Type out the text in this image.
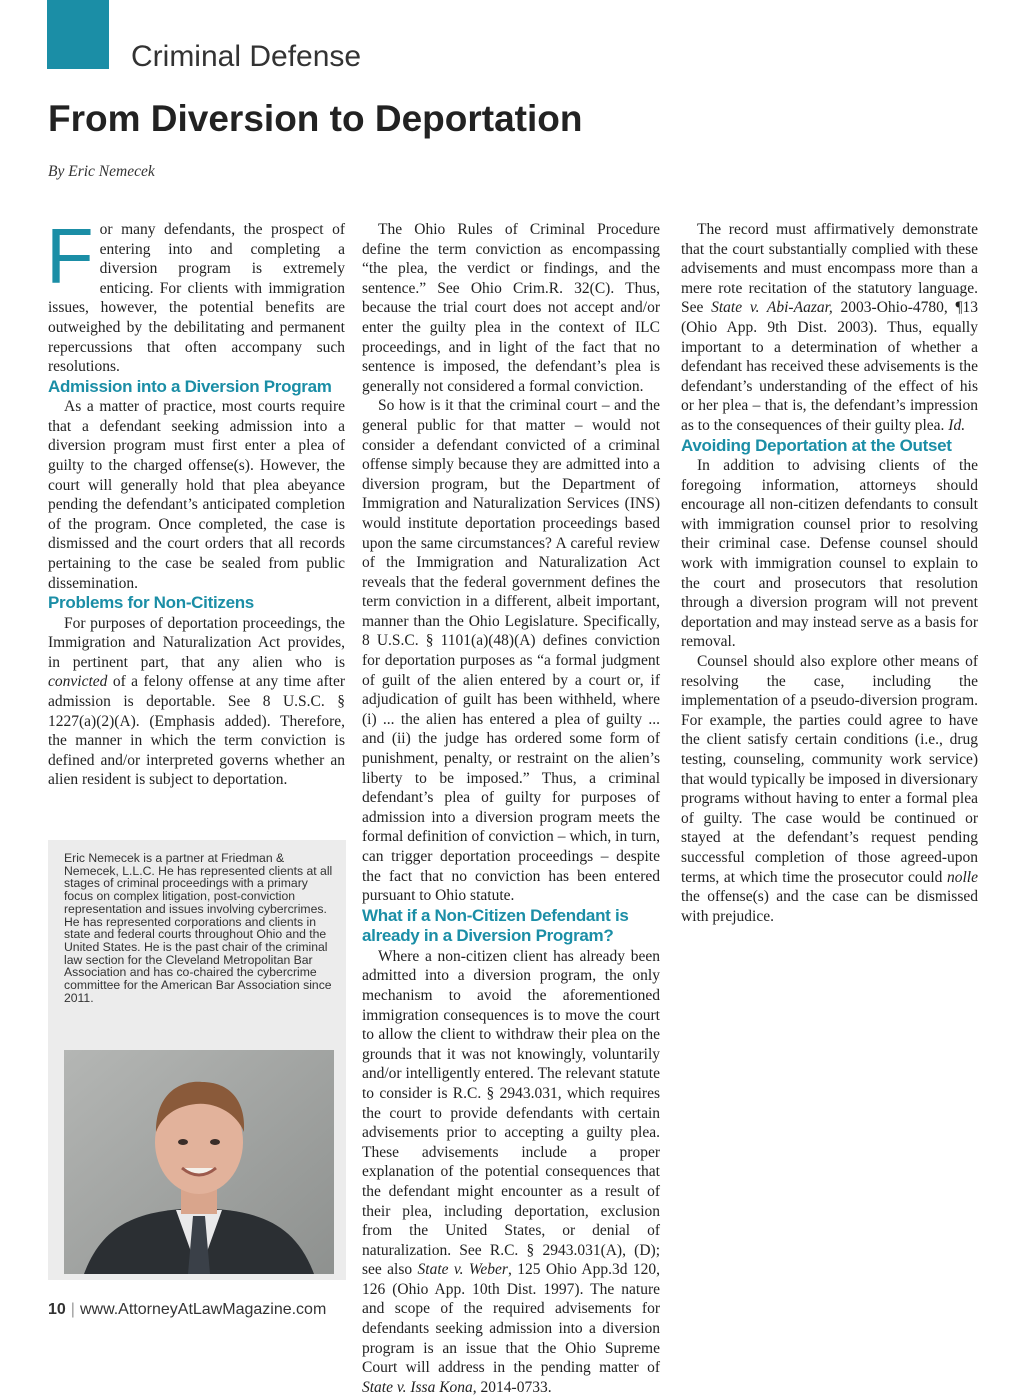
Criminal Defense
From Diversion to Deportation
By Eric Nemecek

For many defendants, the prospect of entering into and completing a diversion program is extremely enticing. For clients with immigration issues, however, the potential benefits are outweighed by the debilitating and permanent repercussions that often accompany such resolutions.

Admission into a Diversion Program

As a matter of practice, most courts require that a defendant seeking admission into a diversion program must first enter a plea of guilty to the charged offense(s). However, the court will generally hold that plea abeyance pending the defendant’s anticipated completion of the program. Once completed, the case is dismissed and the court orders that all records pertaining to the case be sealed from public dissemination.

Problems for Non-Citizens

For purposes of deportation proceedings, the Immigration and Naturalization Act provides, in pertinent part, that any alien who is convicted of a felony offense at any time after admission is deportable. See 8 U.S.C. § 1227(a)(2)(A). (Emphasis added). Therefore, the manner in which the term conviction is defined and/or interpreted governs whether an alien resident is subject to deportation.

The Ohio Rules of Criminal Procedure define the term conviction as encompassing “the plea, the verdict or findings, and the sentence.” See Ohio Crim.R. 32(C). Thus, because the trial court does not accept and/or enter the guilty plea in the context of ILC proceedings, and in light of the fact that no sentence is imposed, the defendant’s plea is generally not considered a formal conviction.

So how is it that the criminal court – and the general public for that matter – would not consider a defendant convicted of a criminal offense simply because they are admitted into a diversion program, but the Department of Immigration and Naturalization Services (INS) would institute deportation proceedings based upon the same circumstances? A careful review of the Immigration and Naturalization Act reveals that the federal government defines the term conviction in a different, albeit important, manner than the Ohio Legislature. Specifically, 8 U.S.C. § 1101(a)(48)(A) defines conviction for deportation purposes as “a formal judgment of guilt of the alien entered by a court or, if adjudication of guilt has been withheld, where (i) ... the alien has entered a plea of guilty ... and (ii) the judge has ordered some form of punishment, penalty, or restraint on the alien’s liberty to be imposed.” Thus, a criminal defendant’s plea of guilty for purposes of admission into a diversion program meets the formal definition of conviction – which, in turn, can trigger deportation proceedings – despite the fact that no conviction has been entered pursuant to Ohio statute.

What if a Non-Citizen Defendant is already in a Diversion Program?

Where a non-citizen client has already been admitted into a diversion program, the only mechanism to avoid the aforementioned immigration consequences is to move the court to allow the client to withdraw their plea on the grounds that it was not knowingly, voluntarily and/or intelligently entered. The relevant statute to consider is R.C. § 2943.031, which requires the court to provide defendants with certain advisements prior to accepting a guilty plea. These advisements include a proper explanation of the potential consequences that the defendant might encounter as a result of their plea, including deportation, exclusion from the United States, or denial of naturalization. See R.C. § 2943.031(A), (D); see also State v. Weber, 125 Ohio App.3d 120, 126 (Ohio App. 10th Dist. 1997). The nature and scope of the required advisements for defendants seeking admission into a diversion program is an issue that the Ohio Supreme Court will address in the pending matter of State v. Issa Kona, 2014-0733.

The record must affirmatively demonstrate that the court substantially complied with these advisements and must encompass more than a mere rote recitation of the statutory language. See State v. Abi-Aazar, 2003-Ohio-4780, ¶13 (Ohio App. 9th Dist. 2003). Thus, equally important to a determination of whether a defendant has received these advisements is the defendant’s understanding of the effect of his or her plea – that is, the defendant’s impression as to the consequences of their guilty plea. Id.

Avoiding Deportation at the Outset

In addition to advising clients of the foregoing information, attorneys should encourage all non-citizen defendants to consult with immigration counsel prior to resolving their criminal case. Defense counsel should work with immigration counsel to explain to the court and prosecutors that resolution through a diversion program will not prevent deportation and may instead serve as a basis for removal.

Counsel should also explore other means of resolving the case, including the implementation of a pseudo-diversion program. For example, the parties could agree to have the client satisfy certain conditions (i.e., drug testing, counseling, community work service) that would typically be imposed in diversionary programs without having to enter a formal plea of guilty. The case would be continued or stayed at the defendant’s request pending successful completion of those agreed-upon terms, at which time the prosecutor could nolle the offense(s) and the case can be dismissed with prejudice.

Eric Nemecek is a partner at Friedman & Nemecek, L.L.C. He has represented clients at all stages of criminal proceedings with a primary focus on complex litigation, post-conviction representation and issues involving cybercrimes. He has represented corporations and clients in state and federal courts throughout Ohio and the United States. He is the past chair of the criminal law section for the Cleveland Metropolitan Bar Association and has co-chaired the cybercrime committee for the American Bar Association since 2011.
10 | www.AttorneyAtLawMagazine.com
